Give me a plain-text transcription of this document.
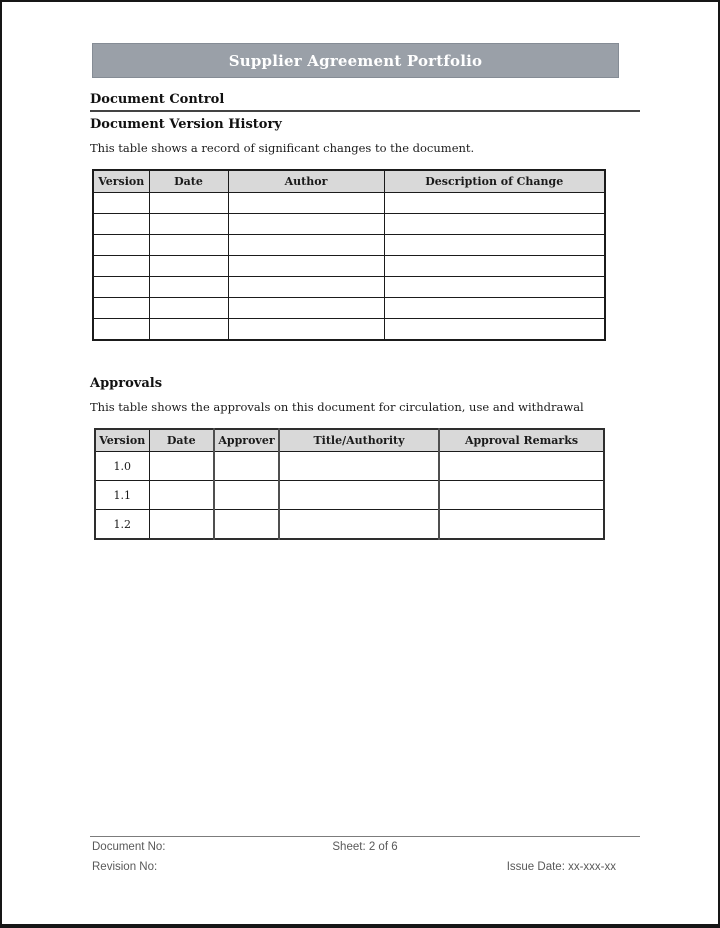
Supplier Agreement Portfolio
Document Control
Document Version History

This table shows a record of significant changes to the document.

Version	Date	Author	Description of Change

Approvals

This table shows the approvals on this document for circulation, use and withdrawal

Version	Date	Approver	Title/Authority	Approval Remarks
1.0				
1.1				
1.2				
Document No:	Sheet: 2 of 6
Revision No:	Issue Date: xx-xxx-xx
